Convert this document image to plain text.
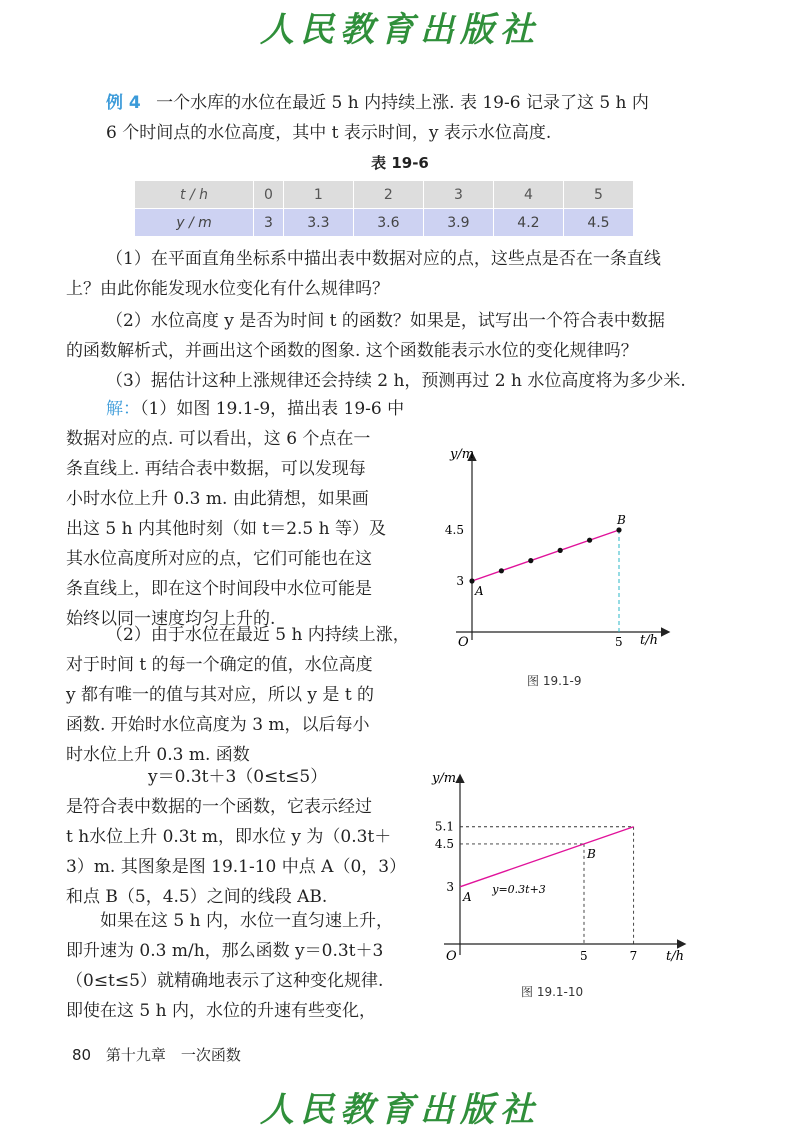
人民教育出版社

例 4 一个水库的水位在最近 5 h 内持续上涨. 表 19-6 记录了这 5 h 内
6 个时间点的水位高度，其中 t 表示时间，y 表示水位高度.

表 19-6
t / h	0	1	2	3	4	5
y / m	3	3.3	3.6	3.9	4.2	4.5

（1）在平面直角坐标系中描出表中数据对应的点，这些点是否在一条直线
上？由此你能发现水位变化有什么规律吗？

（2）水位高度 y 是否为时间 t 的函数？如果是，试写出一个符合表中数据
的函数解析式，并画出这个函数的图象. 这个函数能表示水位的变化规律吗？

（3）据估计这种上涨规律还会持续 2 h，预测再过 2 h 水位高度将为多少米.

解：（1）如图 19.1-9，描出表 19-6 中
数据对应的点. 可以看出，这 6 个点在一
条直线上. 再结合表中数据，可以发现每
小时水位上升 0.3 m. 由此猜想，如果画
出这 5 h 内其他时刻（如 t＝2.5 h 等）及
其水位高度所对应的点，它们可能也在这
条直线上，即在这个时间段中水位可能是
始终以同一速度均匀上升的.

（2）由于水位在最近 5 h 内持续上涨，
对于时间 t 的每一个确定的值，水位高度
y 都有唯一的值与其对应，所以 y 是 t 的
函数. 开始时水位高度为 3 m，以后每小
时水位上升 0.3 m. 函数

y＝0.3t＋3（0≤t≤5）

是符合表中数据的一个函数，它表示经过
t h水位上升 0.3t m，即水位 y 为（0.3t＋
3）m. 其图象是图 19.1-10 中点 A（0，3）
和点 B（5，4.5）之间的线段 AB.

如果在这 5 h 内，水位一直匀速上升，
即升速为 0.3 m/h，那么函数 y＝0.3t＋3
（0≤t≤5）就精确地表示了这种变化规律.
即使在这 5 h 内，水位的升速有些变化，

y/m
t/h
O
3
4.5
5
A
B
图 19.1-9
y/m
t/h
O
3
4.5
5.1
5	7
A
B
y=0.3t+3
图 19.1-10
80 第十九章　一次函数
人民教育出版社
